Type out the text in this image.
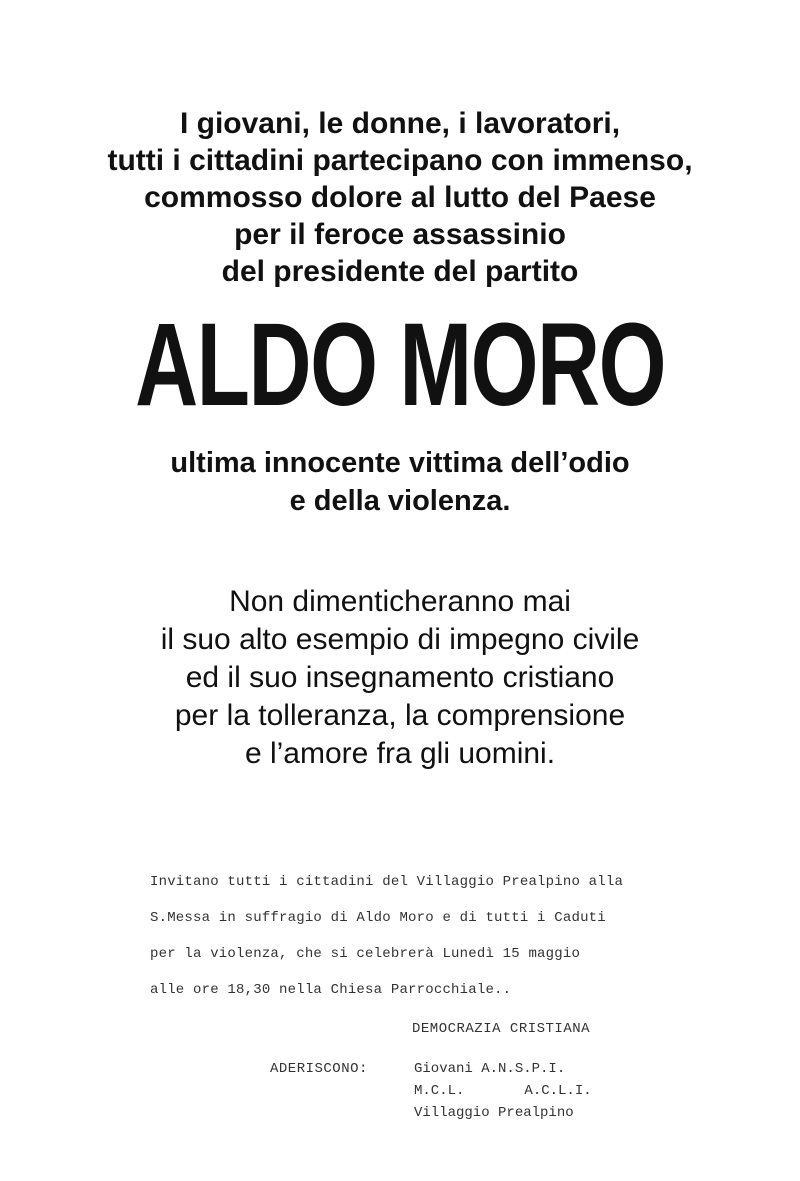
I giovani, le donne, i lavoratori,
tutti i cittadini partecipano con immenso,
commosso dolore al lutto del Paese
per il feroce assassinio
del presidente del partito
ALDO MORO
ultima innocente vittima dell’odio
e della violenza.
Non dimenticheranno mai
il suo alto esempio di impegno civile
ed il suo insegnamento cristiano
per la tolleranza, la comprensione
e l’amore fra gli uomini.
Invitano tutti i cittadini del Villaggio Prealpino alla
S.Messa in suffragio di Aldo Moro e di tutti i Caduti
per la violenza, che si celebrerà Lunedì 15 maggio
alle ore 18,30 nella Chiesa Parrocchiale..
DEMOCRAZIA CRISTIANA
ADERISCONO:	Giovani A.N.S.P.I.
M.C.L.	A.C.L.I.
Villaggio Prealpino
